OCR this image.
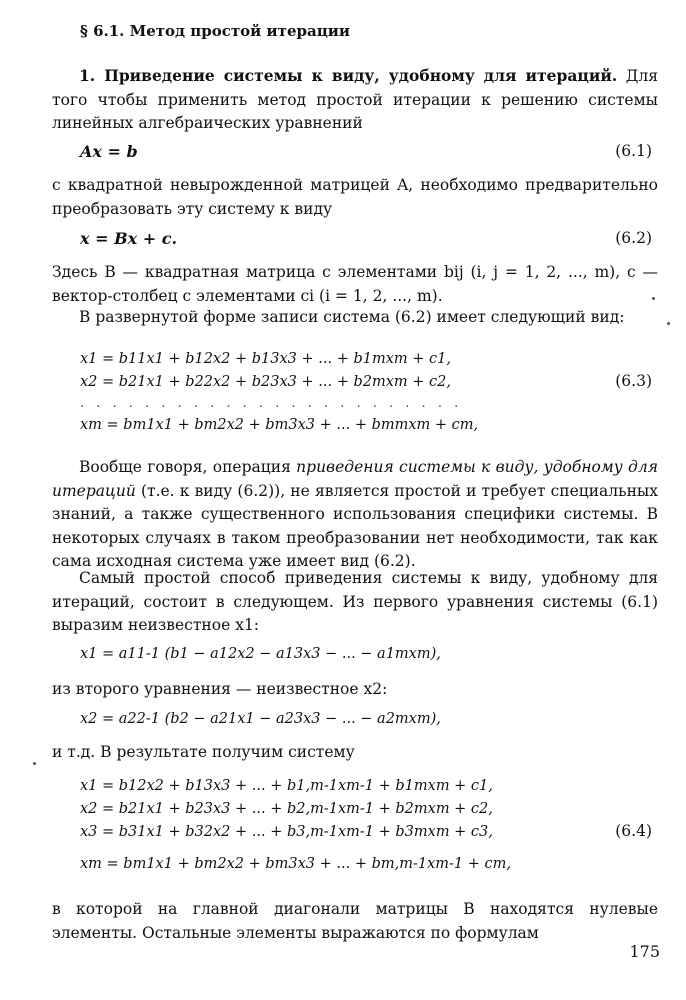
§ 6.1. Метод простой итерации
1. Приведение системы к виду, удобному для итераций. Для того чтобы применить метод простой итерации к решению системы линейных алгебраических уравнений
Ax = b	(6.1)
с квадратной невырожденной матрицей A, необходимо предварительно преобразовать эту систему к виду
x = Bx + c.	(6.2)
Здесь B — квадратная матрица с элементами bij (i, j = 1, 2, ..., m), c — вектор-столбец с элементами ci (i = 1, 2, ..., m).
В развернутой форме записи система (6.2) имеет следующий вид:
x1 = b11x1 + b12x2 + b13x3 + ... + b1mxm + c1,
x2 = b21x1 + b22x2 + b23x3 + ... + b2mxm + c2,
. . . . . . . . . . . . . . . . . . . . . . . .
xm = bm1x1 + bm2x2 + bm3x3 + ... + bmmxm + cm,
(6.3)
Вообще говоря, операция приведения системы к виду, удобному для итераций (т.е. к виду (6.2)), не является простой и требует специальных знаний, а также существенного использования специфики системы. В некоторых случаях в таком преобразовании нет необходимости, так как сама исходная система уже имеет вид (6.2).
Самый простой способ приведения системы к виду, удобному для итераций, состоит в следующем. Из первого уравнения системы (6.1) выразим неизвестное x1:
x1 = a11-1 (b1 − a12x2 − a13x3 − ... − a1mxm),
из второго уравнения — неизвестное x2:
x2 = a22-1 (b2 − a21x1 − a23x3 − ... − a2mxm),
и т.д. В результате получим систему
x1 = b12x2 + b13x3 + ... + b1,m-1xm-1 + b1mxm + c1,
x2 = b21x1 + b23x3 + ... + b2,m-1xm-1 + b2mxm + c2,
x3 = b31x1 + b32x2 + ... + b3,m-1xm-1 + b3mxm + c3,
xm = bm1x1 + bm2x2 + bm3x3 + ... + bm,m-1xm-1 + cm,
(6.4)
в которой на главной диагонали матрицы B находятся нулевые элементы. Остальные элементы выражаются по формулам
175
